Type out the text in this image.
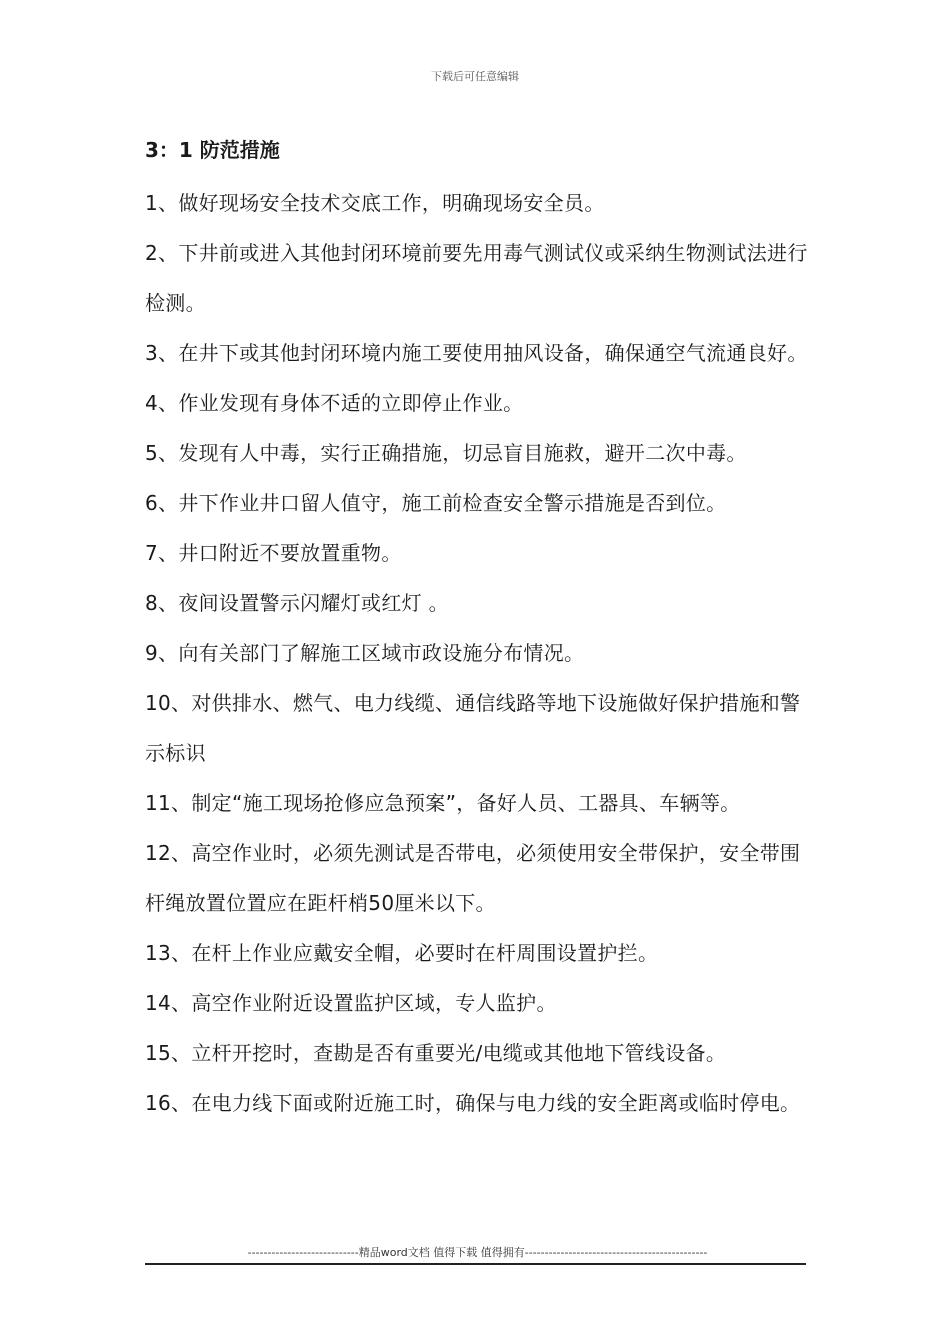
下载后可任意编辑
3：1 防范措施

1、做好现场安全技术交底工作，明确现场安全员。

2、下井前或进入其他封闭环境前要先用毒气测试仪或采纳生物测试法进行检测。

3、在井下或其他封闭环境内施工要使用抽风设备，确保通空气流通良好。

4、作业发现有身体不适的立即停止作业。

5、发现有人中毒，实行正确措施，切忌盲目施救，避开二次中毒。

6、井下作业井口留人值守，施工前检查安全警示措施是否到位。

7、井口附近不要放置重物。

8、夜间设置警示闪耀灯或红灯 。

9、向有关部门了解施工区域市政设施分布情况。

10、对供排水、燃气、电力线缆、通信线路等地下设施做好保护措施和警示标识

11、制定“施工现场抢修应急预案”，备好人员、工器具、车辆等。

12、高空作业时，必须先测试是否带电，必须使用安全带保护，安全带围杆绳放置位置应在距杆梢50厘米以下。

13、在杆上作业应戴安全帽，必要时在杆周围设置护拦。

14、高空作业附近设置监护区域，专人监护。

15、立杆开挖时，查勘是否有重要光/电缆或其他地下管线设备。

16、在电力线下面或附近施工时，确保与电力线的安全距离或临时停电。

----------------------------精品word文档 值得下载 值得拥有----------------------------------------------
